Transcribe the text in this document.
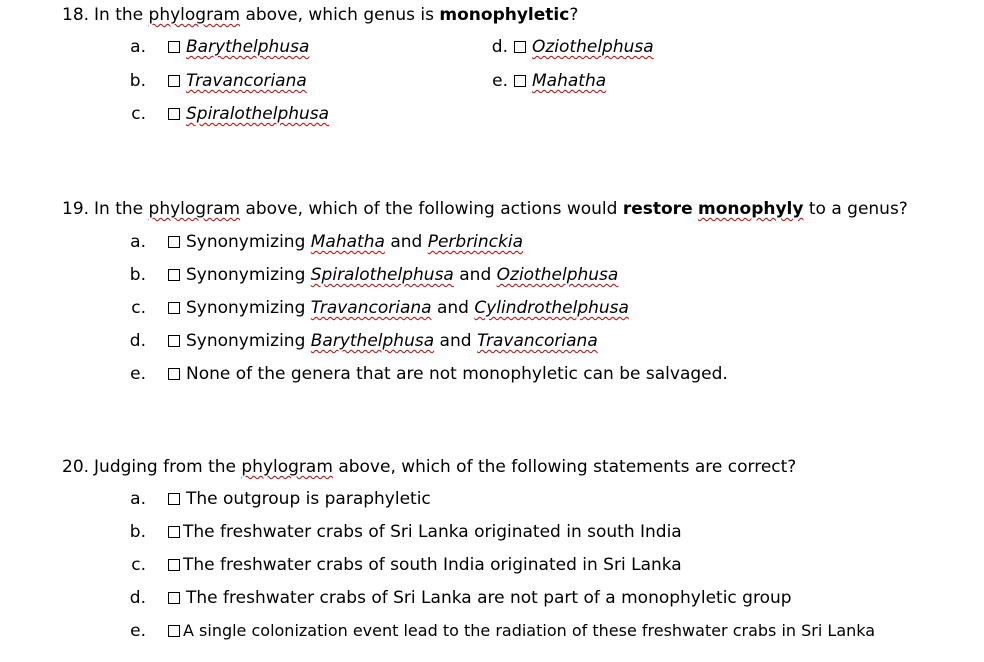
18. In the phylogram above, which genus is monophyletic?
a. Barythelphusa	d. Oziothelphusa
b. Travancoriana	e. Mahatha
c. Spiralothelphusa
19. In the phylogram above, which of the following actions would restore monophyly to a genus?
a. Synonymizing
Mahatha
and
Perbrinckia
b. Synonymizing
Spiralothelphusa
and
Oziothelphusa
c. Synonymizing
Travancoriana
and
Cylindrothelphusa
d. Synonymizing
Barythelphusa
and
Travancoriana
e. None of the genera that are not monophyletic can be salvaged.
20. Judging from the phylogram above, which of the following statements are correct?
a. The outgroup is paraphyletic
b. The freshwater crabs of Sri Lanka originated in south India
c. The freshwater crabs of south India originated in Sri Lanka
d. The freshwater crabs of Sri Lanka are not part of a monophyletic group
e. A single colonization event lead to the radiation of these freshwater crabs in Sri Lanka
